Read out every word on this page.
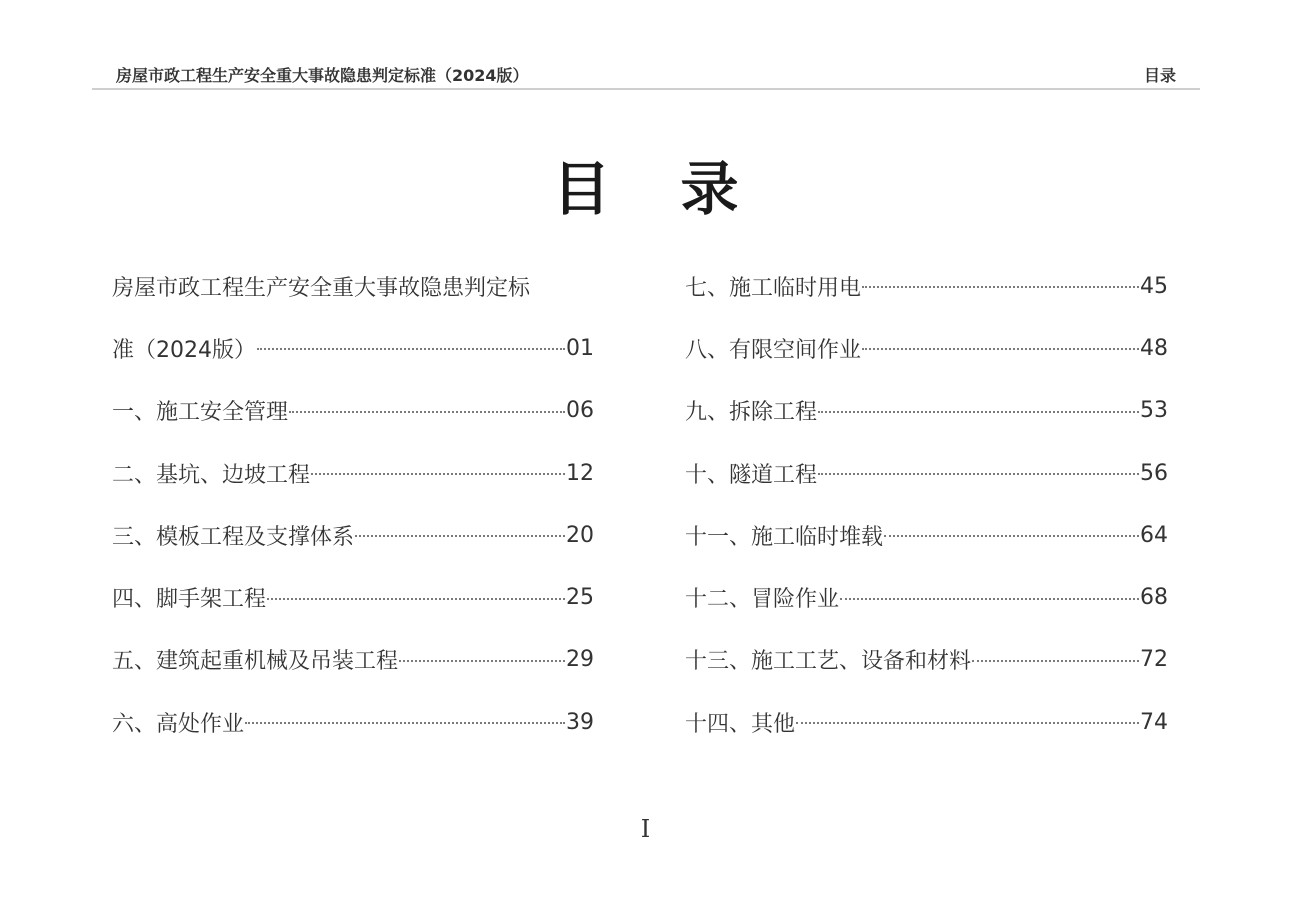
房屋市政工程生产安全重大事故隐患判定标准（2024版）	目录
目录
房屋市政工程生产安全重大事故隐患判定标
准（2024版）	01
一、施工安全管理	06
二、基坑、边坡工程	12
三、模板工程及支撑体系	20
四、脚手架工程	25
五、建筑起重机械及吊装工程	29
六、高处作业	39
七、施工临时用电	45
八、有限空间作业	48
九、拆除工程	53
十、隧道工程	56
十一、施工临时堆载	64
十二、冒险作业	68
十三、施工工艺、设备和材料	72
十四、其他	74
I
